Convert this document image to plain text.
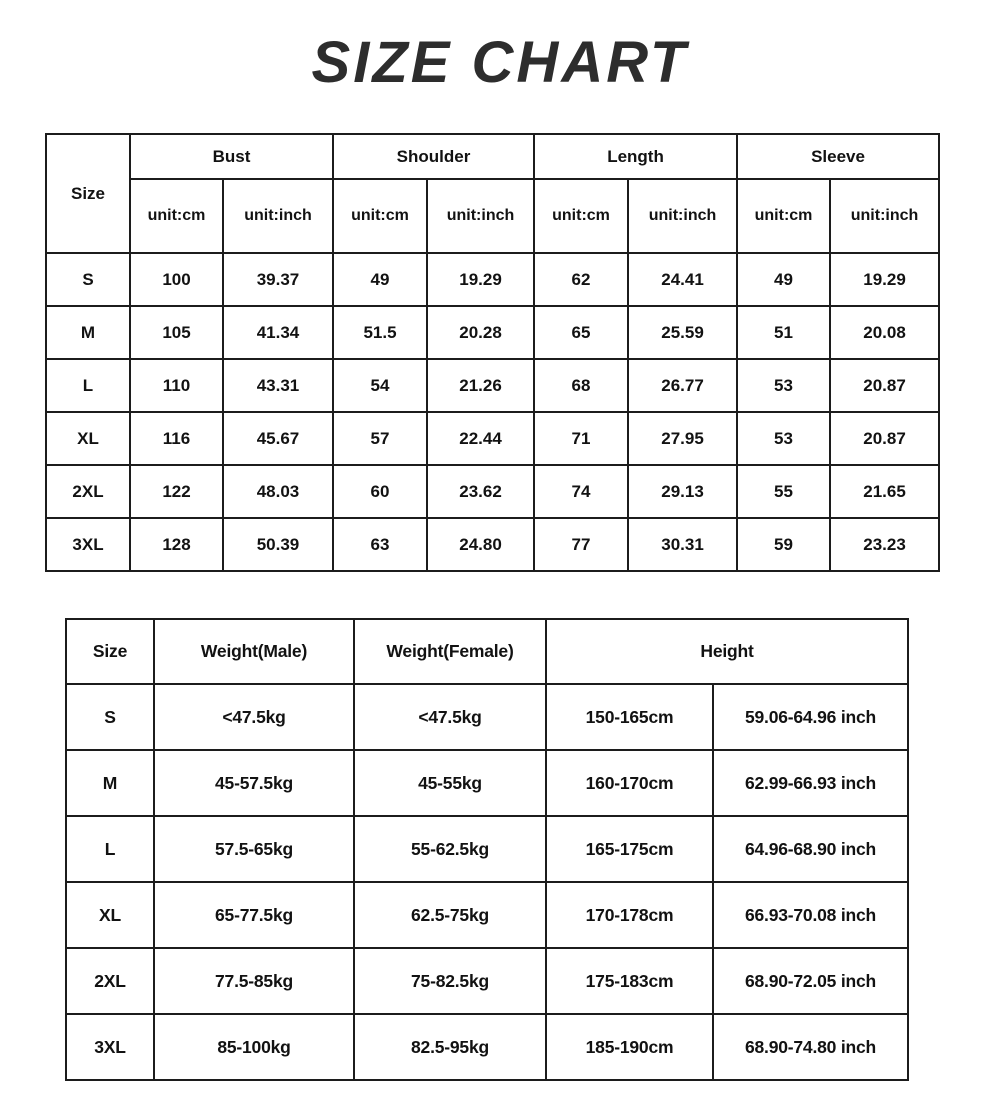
SIZE CHART
Size	Bust		Shoulder		Length		Sleeve	
	unit:cm	unit:inch	unit:cm	unit:inch	unit:cm	unit:inch	unit:cm	unit:inch
S	100	39.37	49	19.29	62	24.41	49	19.29
M	105	41.34	51.5	20.28	65	25.59	51	20.08
L	110	43.31	54	21.26	68	26.77	53	20.87
XL	116	45.67	57	22.44	71	27.95	53	20.87
2XL	122	48.03	60	23.62	74	29.13	55	21.65
3XL	128	50.39	63	24.80	77	30.31	59	23.23
Size	Weight(Male)	Weight(Female)	Height	
S	<47.5kg	<47.5kg	150-165cm	59.06-64.96 inch
M	45-57.5kg	45-55kg	160-170cm	62.99-66.93 inch
L	57.5-65kg	55-62.5kg	165-175cm	64.96-68.90 inch
XL	65-77.5kg	62.5-75kg	170-178cm	66.93-70.08 inch
2XL	77.5-85kg	75-82.5kg	175-183cm	68.90-72.05 inch
3XL	85-100kg	82.5-95kg	185-190cm	68.90-74.80 inch
